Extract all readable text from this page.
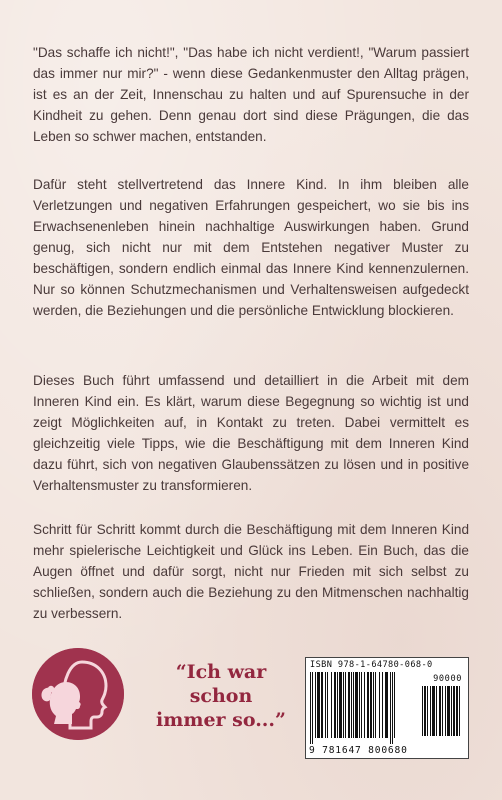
"Das schaffe ich nicht!", "Das habe ich nicht verdient!, "Warum passiert das immer nur mir?" - wenn diese Gedankenmuster den Alltag prägen, ist es an der Zeit, Innenschau zu halten und auf Spurensuche in der Kindheit zu gehen. Denn genau dort sind diese Prägungen, die das Leben so schwer machen, entstanden.

Dafür steht stellvertretend das Innere Kind. In ihm bleiben alle Verletzungen und negativen Erfahrungen gespeichert, wo sie bis ins Erwachsenenleben hinein nachhaltige Auswirkungen haben. Grund genug, sich nicht nur mit dem Entstehen negativer Muster zu beschäftigen, sondern endlich einmal das Innere Kind kennenzulernen. Nur so können Schutzmechanismen und Verhaltensweisen aufgedeckt werden, die Beziehungen und die persönliche Entwicklung blockieren.

Dieses Buch führt umfassend und detailliert in die Arbeit mit dem Inneren Kind ein. Es klärt, warum diese Begegnung so wichtig ist und zeigt Möglichkeiten auf, in Kontakt zu treten. Dabei vermittelt es gleichzeitig viele Tipps, wie die Beschäftigung mit dem Inneren Kind dazu führt, sich von negativen Glaubenssätzen zu lösen und in positive Verhaltensmuster zu transformieren.

Schritt für Schritt kommt durch die Beschäftigung mit dem Inneren Kind mehr spielerische Leichtigkeit und Glück ins Leben. Ein Buch, das die Augen öffnet und dafür sorgt, nicht nur Frieden mit sich selbst zu schließen, sondern auch die Beziehung zu den Mitmenschen nachhaltig zu verbessern.

“Ich war
schon
immer so...”
ISBN 978-1-64780-068-0
90000
9 781647 800680
